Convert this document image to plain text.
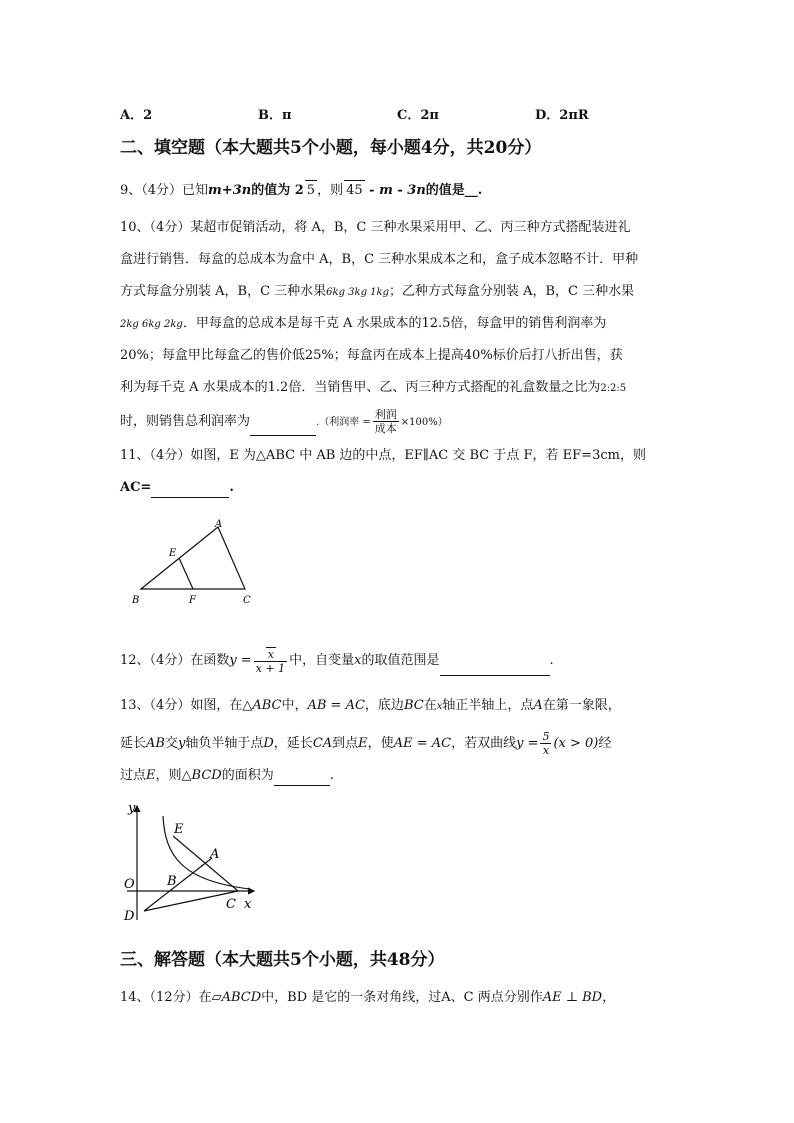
A．2	B．π	C．2π	D．2πR
二、填空题（本大题共5个小题，每小题4分，共20分）
9、（4分）已知m+3n的值为 2 5 ，则 45 - m - 3n的值是__.
10、（4分）某超市促销活动，将 A，B，C 三种水果采用甲、乙、丙三种方式搭配装进礼
盒进行销售．每盒的总成本为盒中 A，B，C 三种水果成本之和，盒子成本忽略不计．甲种
方式每盒分别装 A，B，C 三种水果6kg 3kg 1kg；乙种方式每盒分别装 A，B，C 三种水果
2kg 6kg 2kg．甲每盒的总成本是每千克 A 水果成本的12.5倍，每盒甲的销售利润率为
20%；每盒甲比每盒乙的售价低25%；每盒丙在成本上提高40%标价后打八折出售，获
利为每千克 A 水果成本的1.2倍．当销售甲、乙、丙三种方式搭配的礼盒数量之比为2:2:5
时，则销售总利润率为	.（利润率 = $\frac{\text{利润}}{\text{成本}} \times 100\%$）
11、（4分）如图，E 为△ABC 中 AB 边的中点，EF∥AC 交 BC 于点 F，若 EF=3cm，则
AC=	.
A
E
B	F	C
12、（4分）在函数$y = \frac{x}{x + 1}$ 中，自变量x的取值范围是	.
13、（4分）如图，在△ABC中，AB = AC，底边BC在x轴正半轴上，点A在第一象限，
延长AB交y轴负半轴于点D，延长CA到点E，使AE = AC，若双曲线$y = \frac{5}{x} (x > 0)$经
过点E，则△BCD的面积为	.
y
E
A
O B
D
C x
三、解答题（本大题共5个小题，共48分）
14、（12分）在▱ABCD中，BD 是它的一条对角线，过A、C 两点分别作AE ⊥ BD，
